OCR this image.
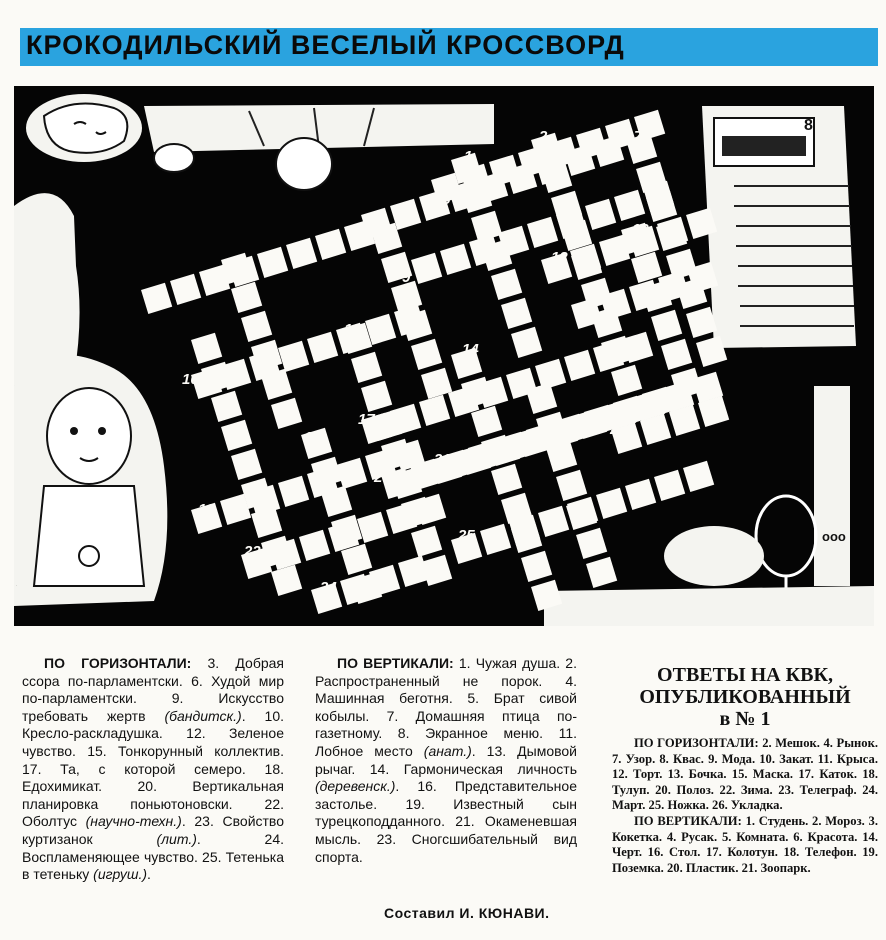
КРОКОДИЛЬСКИЙ ВЕСЕЛЫЙ КРОССВОРД
8
ооо
3
1
2
3
4
5
6
7
8
9
10
11
12
13
14
15
16
17
18
19
20
21
22
23
24
25

ПО ГОРИЗОНТАЛИ: 3. Добрая ссора по-парламентски. 6. Худой мир по-парламентски. 9. Искусство требовать жертв (бандитск.). 10. Кресло-раскладушка. 12. Зеленое чувство. 15. Тонкорунный коллектив. 17. Та, с которой семеро. 18. Едохимикат. 20. Вертикальная планировка поньютоновски. 22. Оболтус (научно-техн.). 23. Свойство куртизанок (лит.). 24. Воспламеняющее чувство. 25. Тетенька в тетеньку (игруш.).

ПО ВЕРТИКАЛИ: 1. Чужая душа. 2. Распространенный не порок. 4. Машинная беготня. 5. Брат сивой кобылы. 7. Домашняя птица по-газетному. 8. Экранное меню. 11. Лобное место (анат.). 13. Дымовой рычаг. 14. Гармоническая личность (деревенск.). 16. Представительное застолье. 19. Известный сын турецкоподданного. 21. Окаменевшая мысль. 23. Сногсшибательный вид спорта.

Составил И. КЮНАВИ.
ОТВЕТЫ НА КВК,
ОПУБЛИКОВАННЫЙ
в № 1

ПО ГОРИЗОНТАЛИ: 2. Мешок. 4. Рынок. 7. Узор. 8. Квас. 9. Мода. 10. Закат. 11. Крыса. 12. Торт. 13. Бочка. 15. Маска. 17. Каток. 18. Тулуп. 20. Полоз. 22. Зима. 23. Телеграф. 24. Март. 25. Ножка. 26. Укладка.

ПО ВЕРТИКАЛИ: 1. Студень. 2. Мороз. 3. Кокетка. 4. Русак. 5. Комната. 6. Красота. 14. Черт. 16. Стол. 17. Колотун. 18. Телефон. 19. Поземка. 20. Пластик. 21. Зоопарк.
